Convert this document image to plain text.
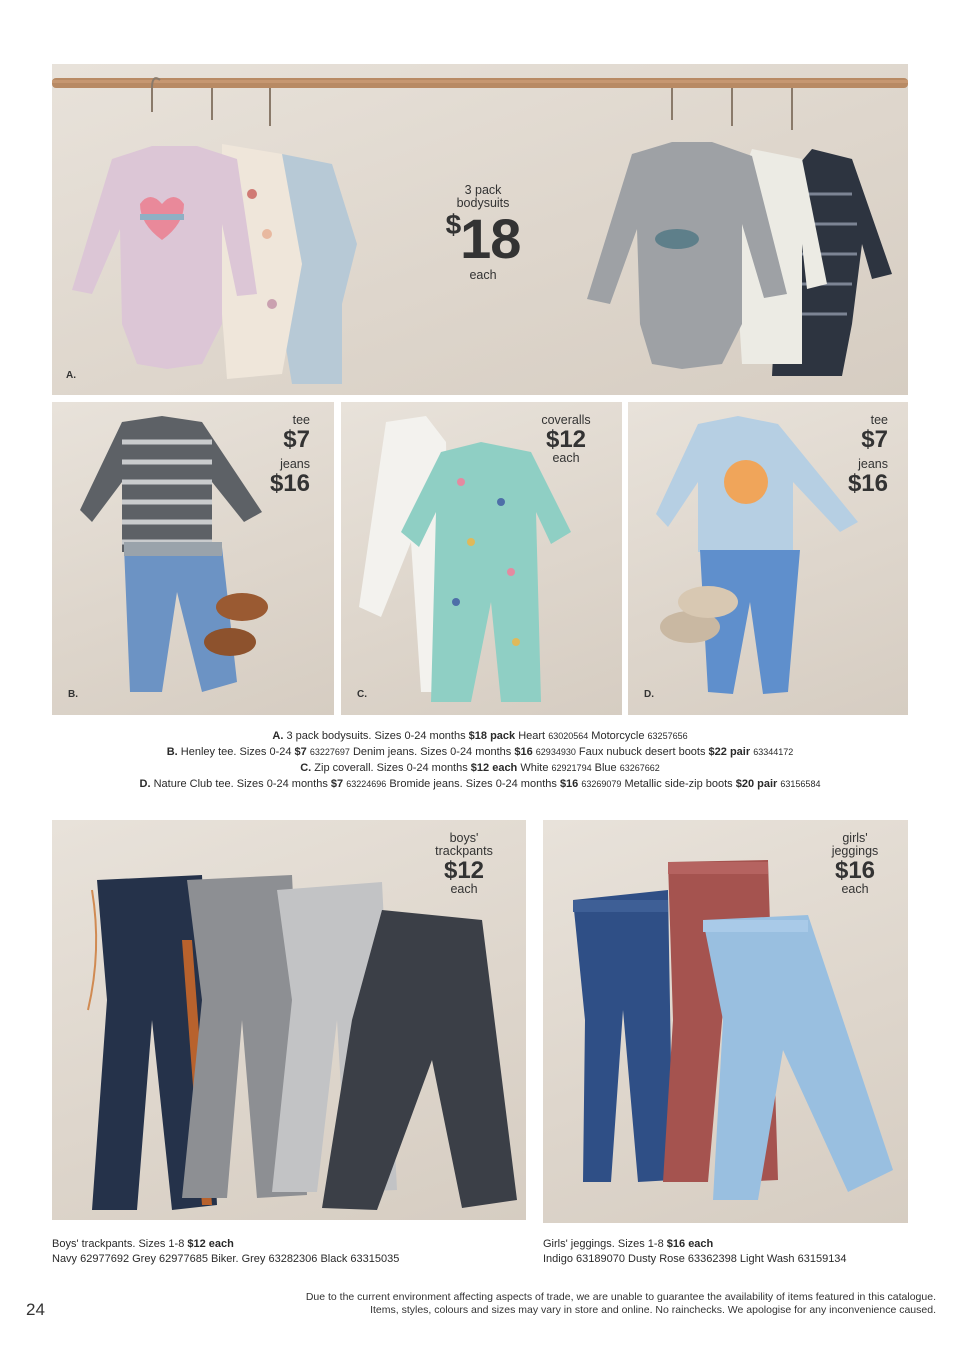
A.
3 pack bodysuits
$18
each
B.
tee
$7
jeans
$16
C.
coveralls
$12
each
D.
tee
$7
jeans
$16
A. 3 pack bodysuits. Sizes 0-24 months $18 pack Heart 63020564 Motorcycle 63257656
B. Henley tee. Sizes 0-24 $7 63227697 Denim jeans. Sizes 0-24 months $16 62934930 Faux nubuck desert boots $22 pair 63344172
C. Zip coverall. Sizes 0-24 months $12 each White 62921794 Blue 63267662
D. Nature Club tee. Sizes 0-24 months $7 63224696 Bromide jeans. Sizes 0-24 months $16 63269079 Metallic side-zip boots $20 pair 63156584
boys'
trackpants
$12
each
Boys' trackpants. Sizes 1-8 $12 each
Navy 62977692 Grey 62977685 Biker. Grey 63282306 Black 63315035
girls'
jeggings
$16
each
Girls' jeggings. Sizes 1-8 $16 each
Indigo 63189070 Dusty Rose 63362398 Light Wash 63159134
24
Due to the current environment affecting aspects of trade, we are unable to guarantee the availability of items featured in this catalogue.
Items, styles, colours and sizes may vary in store and online. No rainchecks. We apologise for any inconvenience caused.
